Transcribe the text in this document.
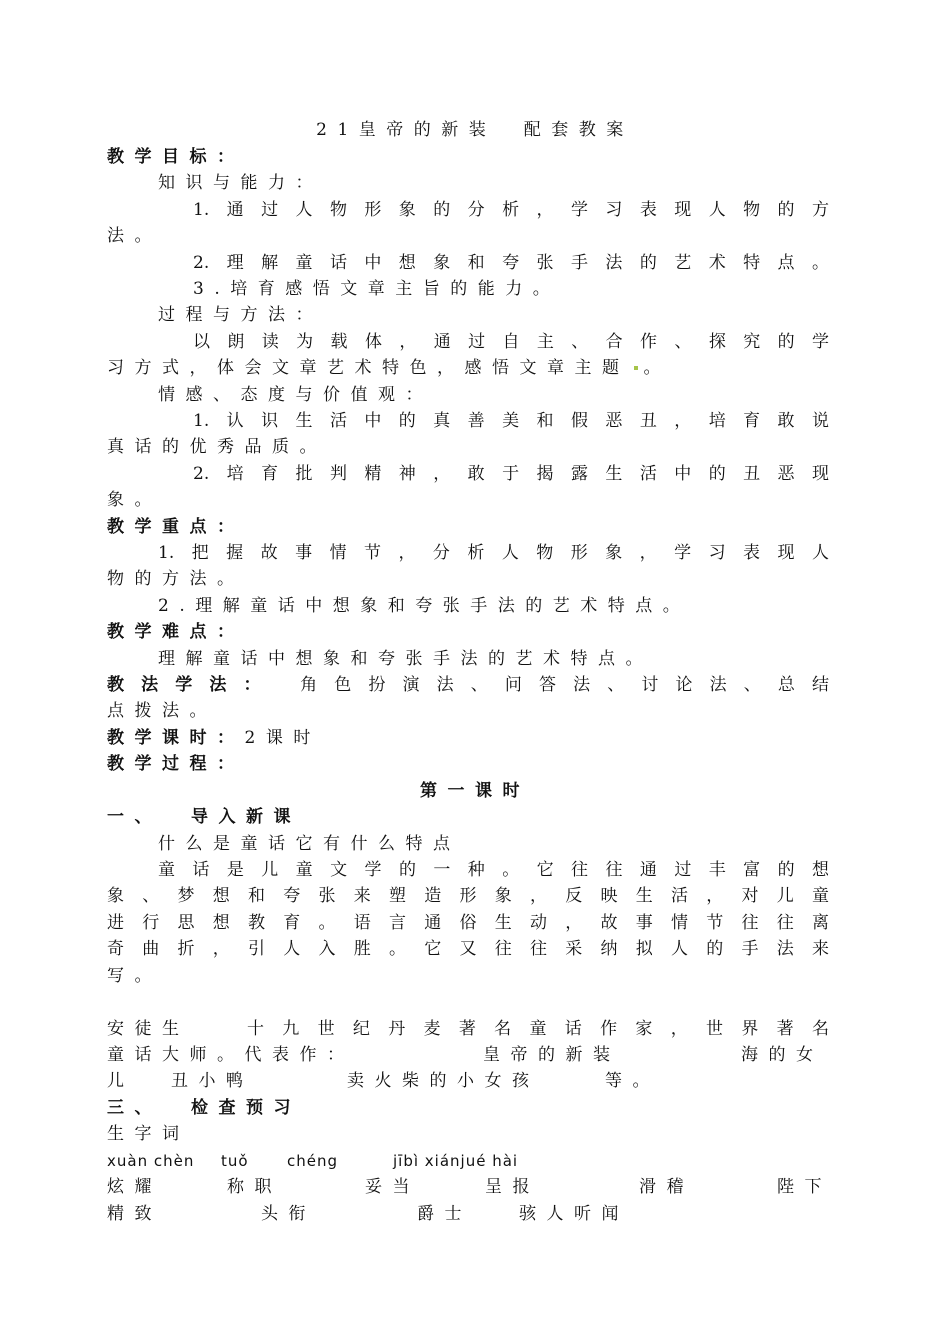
21皇帝的新装　配套教案
教学目标：
知识与能力：
1.通过人物形象的分析，学习表现人物的方
法。
2.理解童话中想象和夸张手法的艺术特点。
3.培育感悟文章主旨的能力。
过程与方法：
以朗读为载体，通过自主、合作、探究的学
习方式，体会文章艺术特色，感悟文章主题 。
情感、态度与价值观：
1.认识生活中的真善美和假恶丑，培育敢说
真话的优秀品质。
2.培育批判精神，敢于揭露生活中的丑恶现
象。
教学重点：
1.把握故事情节，分析人物形象，学习表现人
物的方法。
2.理解童话中想象和夸张手法的艺术特点。
教学难点：
理解童话中想象和夸张手法的艺术特点。
教法学法： 角色扮演法、问答法、讨论法、总结
点拨法。
教学课时：2课时
教学过程：
第一课时
一、 导入新课
什么是童话它有什么特点
童话是儿童文学的一种。它往往通过丰富的想
象、梦想和夸张来塑造形象，反映生活，对儿童
进行思想教育。语言通俗生动，故事情节往往离
奇曲折，引人入胜。它又往往采纳拟人的手法来
写。
安徒生	十九世纪丹麦著名童话作家，世界著名
童话大师。代表作：	皇帝的新装	海的女
儿 丑小鸭	卖火柴的小女孩	等。
三、 检查预习
生字词
xuàn chèn tuǒ	chéng	jībì xiánjué hài
炫耀	称职	妥当	呈报	滑稽	陛下
精致	头衔	爵士	骇人听闻
